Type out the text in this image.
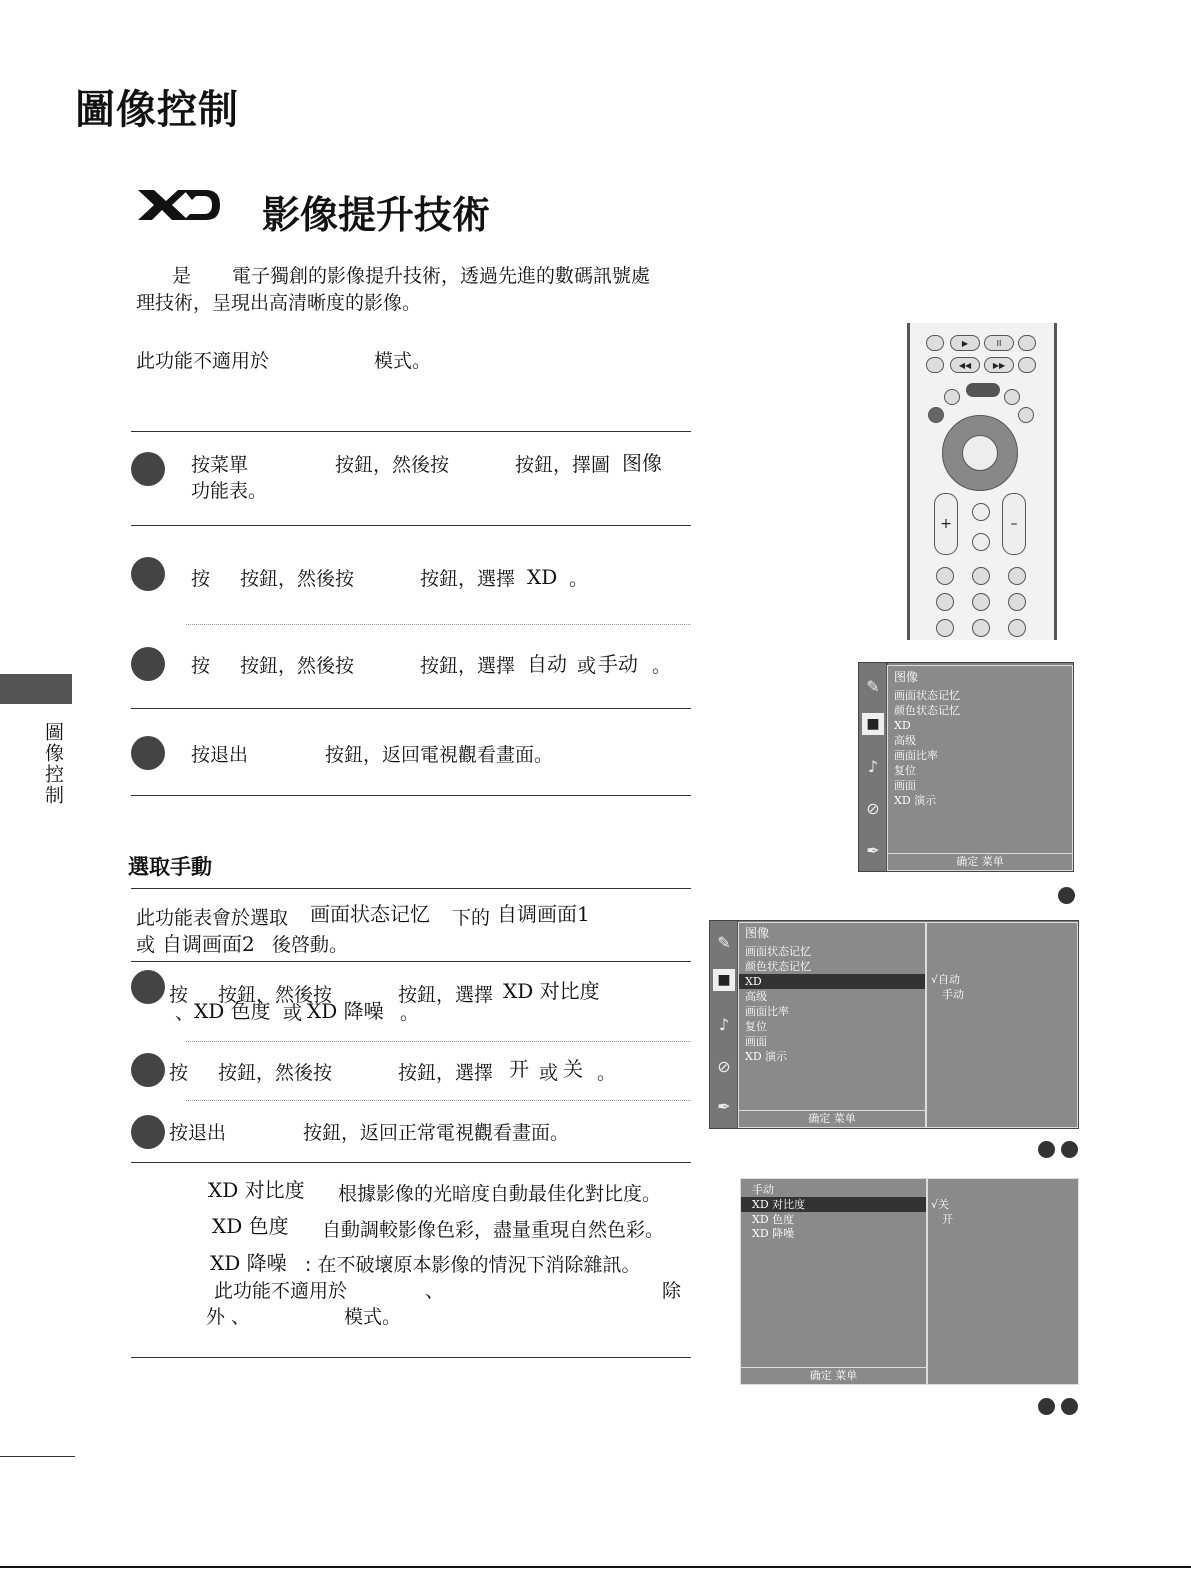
圖像控制
影像提升技術
是 電子獨創的影像提升技術，透過先進的數碼訊號處
理技術，呈現出高清晰度的影像。
此功能不適用於	模式。
按菜單	按鈕，然後按	按鈕，擇圖 图像
功能表。
按 按鈕，然後按	按鈕，選擇 XD 。
按 按鈕，然後按	按鈕，選擇 自动 或 手动 。
按退出	按鈕，返回電視觀看畫面。
選取手動
此功能表會於選取 画面状态记忆 下的 自调画面1
或 自调画面2 後啓動。
按 按鈕，然後按	按鈕，選擇 XD 对比度
、 XD 色度 或 XD 降噪 。
按 按鈕，然後按	按鈕，選擇 开 或 关 。
按退出	按鈕，返回正常電視觀看畫面。
XD 对比度 根據影像的光暗度自動最佳化對比度。
XD 色度 自動調較影像色彩，盡量重現自然色彩。
XD 降噪 : 在不破壞原本影像的情況下消除雜訊。
此功能不適用於	、	除
外 、	模式。
圖像控制
▶	II
◀◀	▶▶
+	–
✎
■
♪
⊘
✒
图像
画面状态记忆
颜色状态记忆
XD
高级
画面比率
复位
画面
XD 演示
确定 菜单
✎
■
♪
⊘
✒
图像
画面状态记忆
颜色状态记忆
XD
高级
画面比率
复位
画面
XD 演示
确定 菜单
√自动
手动
手动
XD 对比度
XD 色度
XD 降噪
确定 菜单
√关
开
